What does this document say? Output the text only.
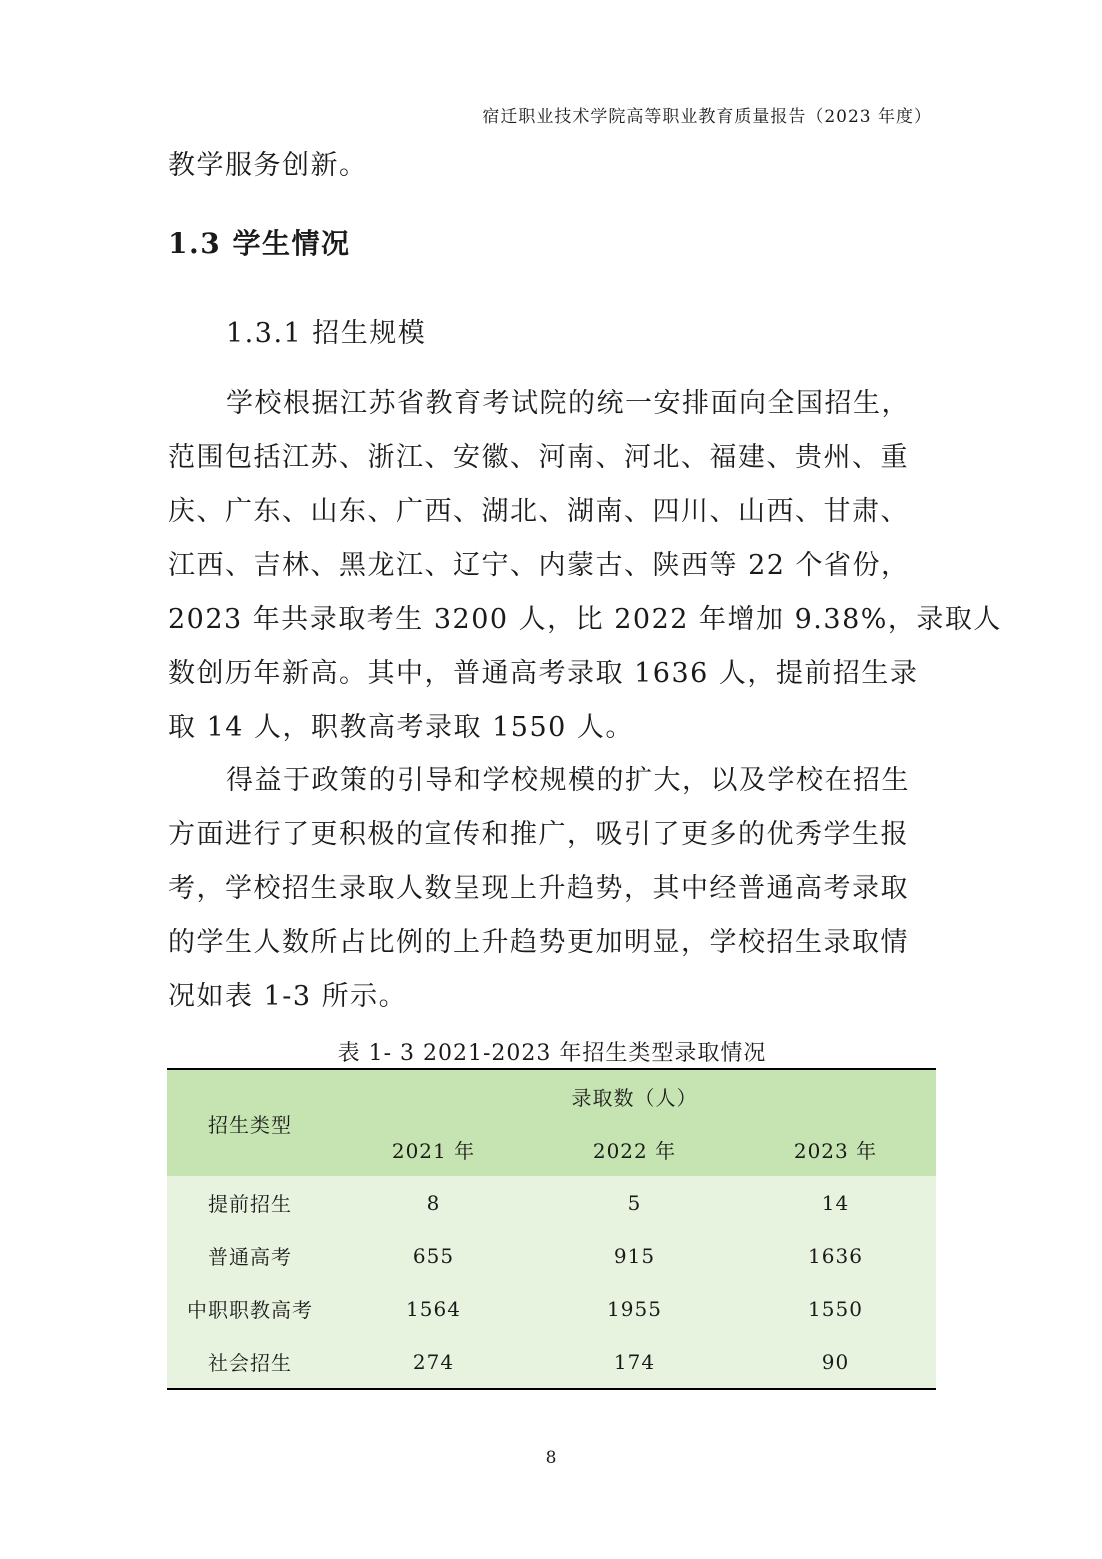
宿迁职业技术学院高等职业教育质量报告（2023 年度）
教学服务创新。
1.3 学生情况
1.3.1 招生规模
学校根据江苏省教育考试院的统一安排面向全国招生，
范围包括江苏、浙江、安徽、河南、河北、福建、贵州、重
庆、广东、山东、广西、湖北、湖南、四川、山西、甘肃、
江西、吉林、黑龙江、辽宁、内蒙古、陕西等 22 个省份，
2023 年共录取考生 3200 人，比 2022 年增加 9.38%，录取人
数创历年新高。其中，普通高考录取 1636 人，提前招生录
取 14 人，职教高考录取 1550 人。
得益于政策的引导和学校规模的扩大，以及学校在招生
方面进行了更积极的宣传和推广，吸引了更多的优秀学生报
考，学校招生录取人数呈现上升趋势，其中经普通高考录取
的学生人数所占比例的上升趋势更加明显，学校招生录取情
况如表 1-3 所示。
表 1- 3 2021-2023 年招生类型录取情况
招生类型	录取数（人）		
	2021 年	2022 年	2023 年
提前招生	8	5	14
普通高考	655	915	1636
中职职教高考	1564	1955	1550
社会招生	274	174	90
8
